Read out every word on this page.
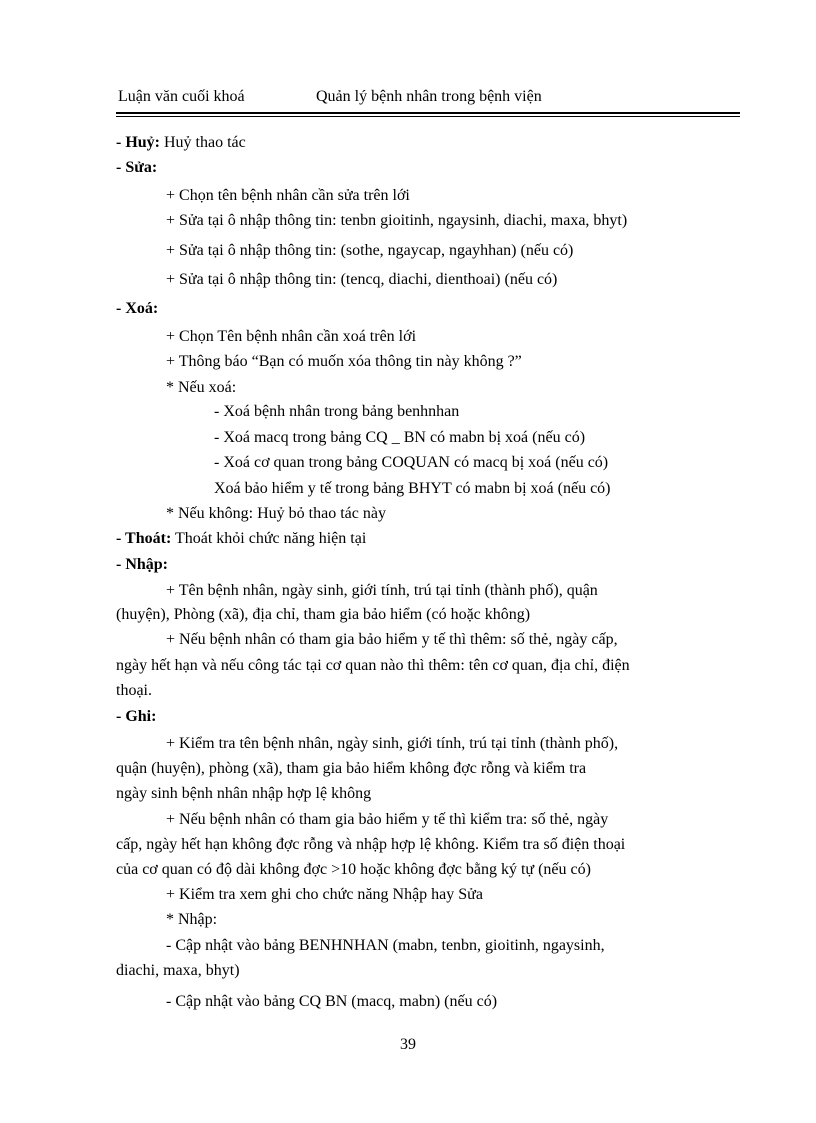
Luận văn cuối khoá	Quản lý bệnh nhân trong bệnh viện
- Huỷ: Huỷ thao tác
- Sửa:
+ Chọn tên bệnh nhân cần sửa trên lới
+ Sửa tại ô nhập thông tin: tenbn gioitinh, ngaysinh, diachi, maxa, bhyt)
+ Sửa tại ô nhập thông tin: (sothe, ngaycap, ngayhhan) (nếu có)
+ Sửa tại ô nhập thông tin: (tencq, diachi, dienthoai) (nếu có)
- Xoá:
+ Chọn Tên bệnh nhân cần xoá trên lới
+ Thông báo “Bạn có muốn xóa thông tin này không ?”
* Nếu xoá:
- Xoá bệnh nhân trong bảng benhnhan
- Xoá macq trong bảng CQ _ BN có mabn bị xoá (nếu có)
- Xoá cơ quan trong bảng COQUAN có macq bị xoá (nếu có)
Xoá bảo hiểm y tế trong bảng BHYT có mabn bị xoá (nếu có)
* Nếu không: Huỷ bỏ thao tác này
- Thoát: Thoát khỏi chức năng hiện tại
- Nhập:
+ Tên bệnh nhân, ngày sinh, giới tính, trú tại tỉnh (thành phố), quận
(huyện), Phòng (xã), địa chỉ, tham gia bảo hiểm (có hoặc không)
+ Nếu bệnh nhân có tham gia bảo hiểm y tế thì thêm: số thẻ, ngày cấp,
ngày hết hạn và nếu công tác tại cơ quan nào thì thêm: tên cơ quan, địa chỉ, điện
thoại.
- Ghi:
+ Kiểm tra tên bệnh nhân, ngày sinh, giới tính, trú tại tỉnh (thành phố),
quận (huyện), phòng (xã), tham gia bảo hiểm không đợc rỗng và kiểm tra
ngày sinh bệnh nhân nhập hợp lệ không
+ Nếu bệnh nhân có tham gia bảo hiểm y tế thì kiểm tra: số thẻ, ngày
cấp, ngày hết hạn không đợc rỗng và nhập hợp lệ không. Kiểm tra số điện thoại
của cơ quan có độ dài không đợc >10 hoặc không đợc bằng ký tự (nếu có)
+ Kiểm tra xem ghi cho chức năng Nhập hay Sửa
* Nhập:
- Cập nhật vào bảng BENHNHAN (mabn, tenbn, gioitinh, ngaysinh,
diachi, maxa, bhyt)
- Cập nhật vào bảng CQ BN (macq, mabn) (nếu có)
39
